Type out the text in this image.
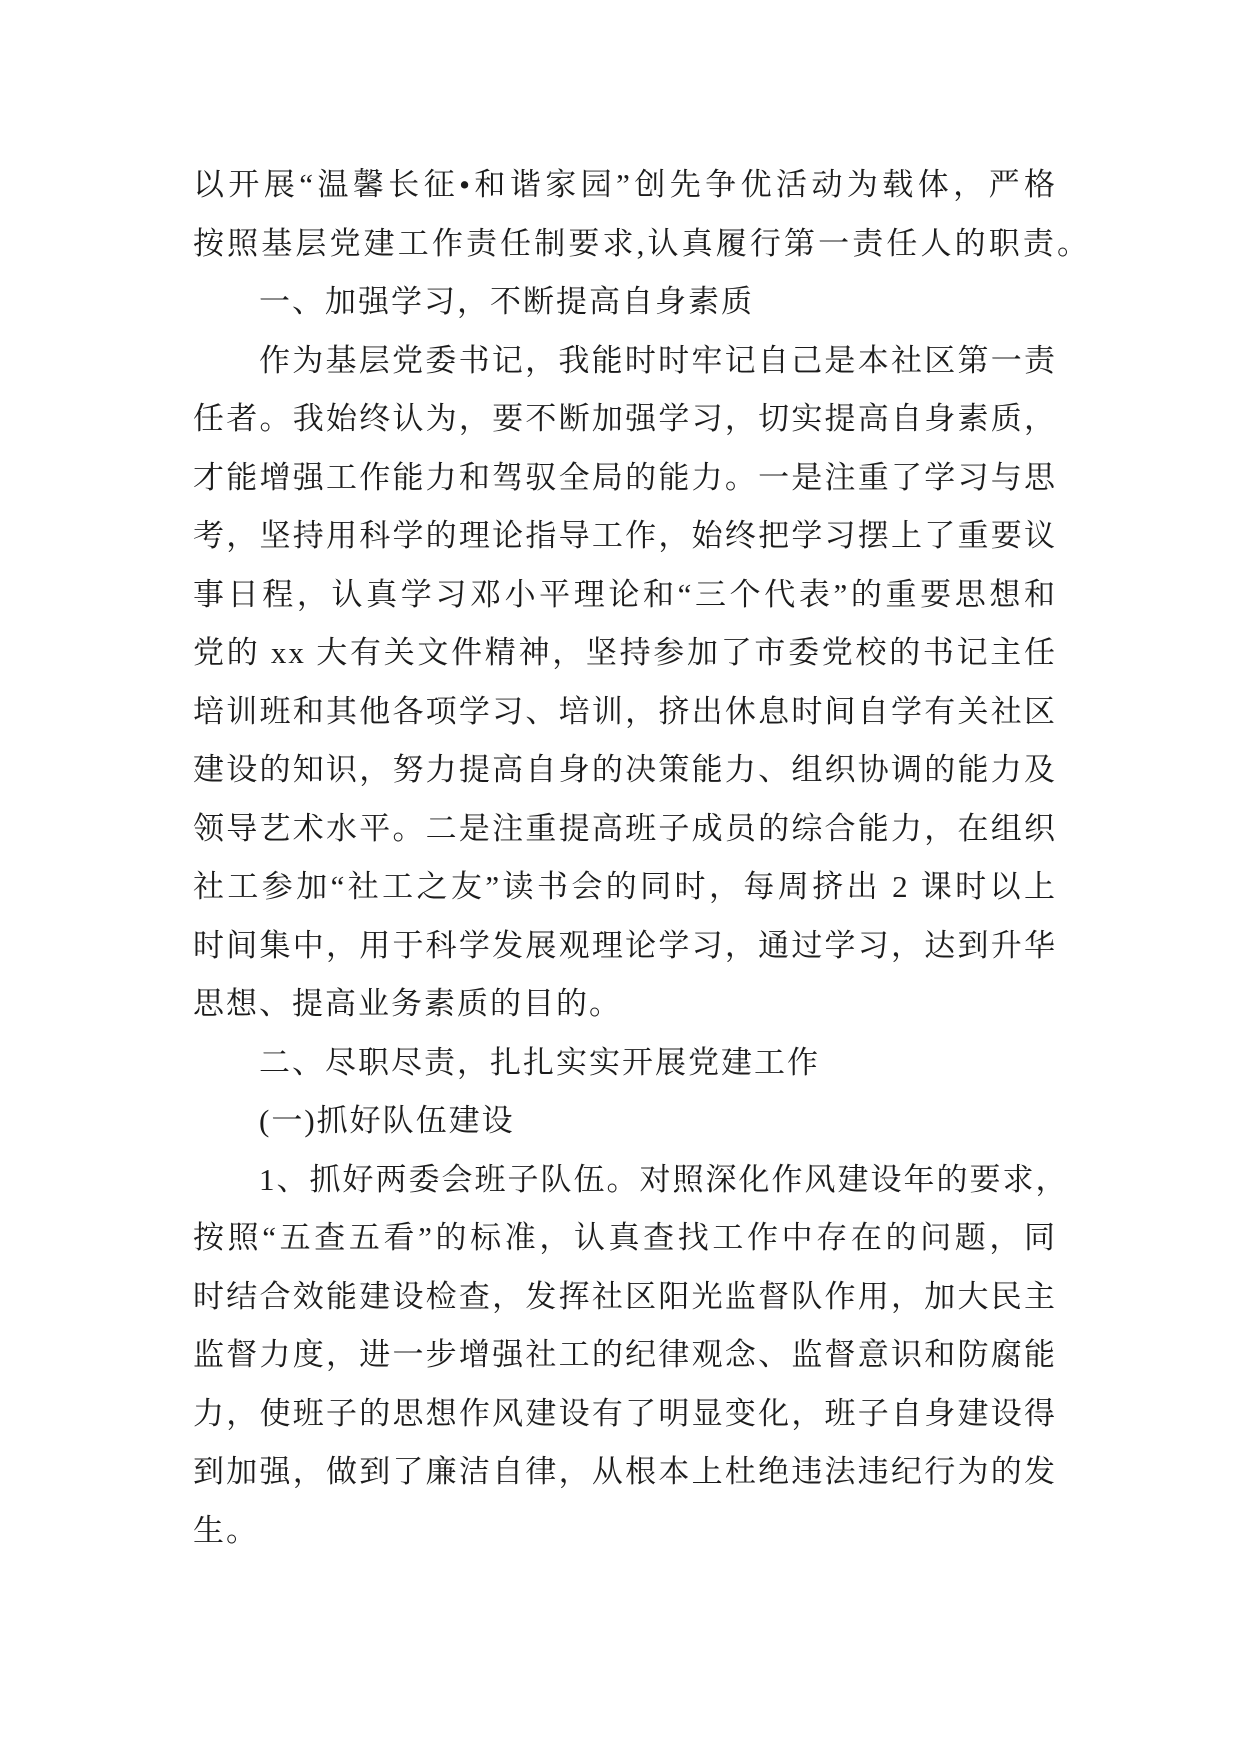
以开展“温馨长征•和谐家园”创先争优活动为载体，严格
按照基层党建工作责任制要求,认真履行第一责任人的职责。
一、加强学习，不断提高自身素质
作为基层党委书记，我能时时牢记自己是本社区第一责
任者。我始终认为，要不断加强学习，切实提高自身素质，
才能增强工作能力和驾驭全局的能力。一是注重了学习与思
考，坚持用科学的理论指导工作，始终把学习摆上了重要议
事日程，认真学习邓小平理论和“三个代表”的重要思想和
党的 xx 大有关文件精神，坚持参加了市委党校的书记主任
培训班和其他各项学习、培训，挤出休息时间自学有关社区
建设的知识，努力提高自身的决策能力、组织协调的能力及
领导艺术水平。二是注重提高班子成员的综合能力，在组织
社工参加“社工之友”读书会的同时，每周挤出 2 课时以上
时间集中，用于科学发展观理论学习，通过学习，达到升华
思想、提高业务素质的目的。
二、尽职尽责，扎扎实实开展党建工作
(一)抓好队伍建设
1、抓好两委会班子队伍。对照深化作风建设年的要求，
按照“五查五看”的标准，认真查找工作中存在的问题，同
时结合效能建设检查，发挥社区阳光监督队作用，加大民主
监督力度，进一步增强社工的纪律观念、监督意识和防腐能
力，使班子的思想作风建设有了明显变化，班子自身建设得
到加强，做到了廉洁自律，从根本上杜绝违法违纪行为的发
生。
